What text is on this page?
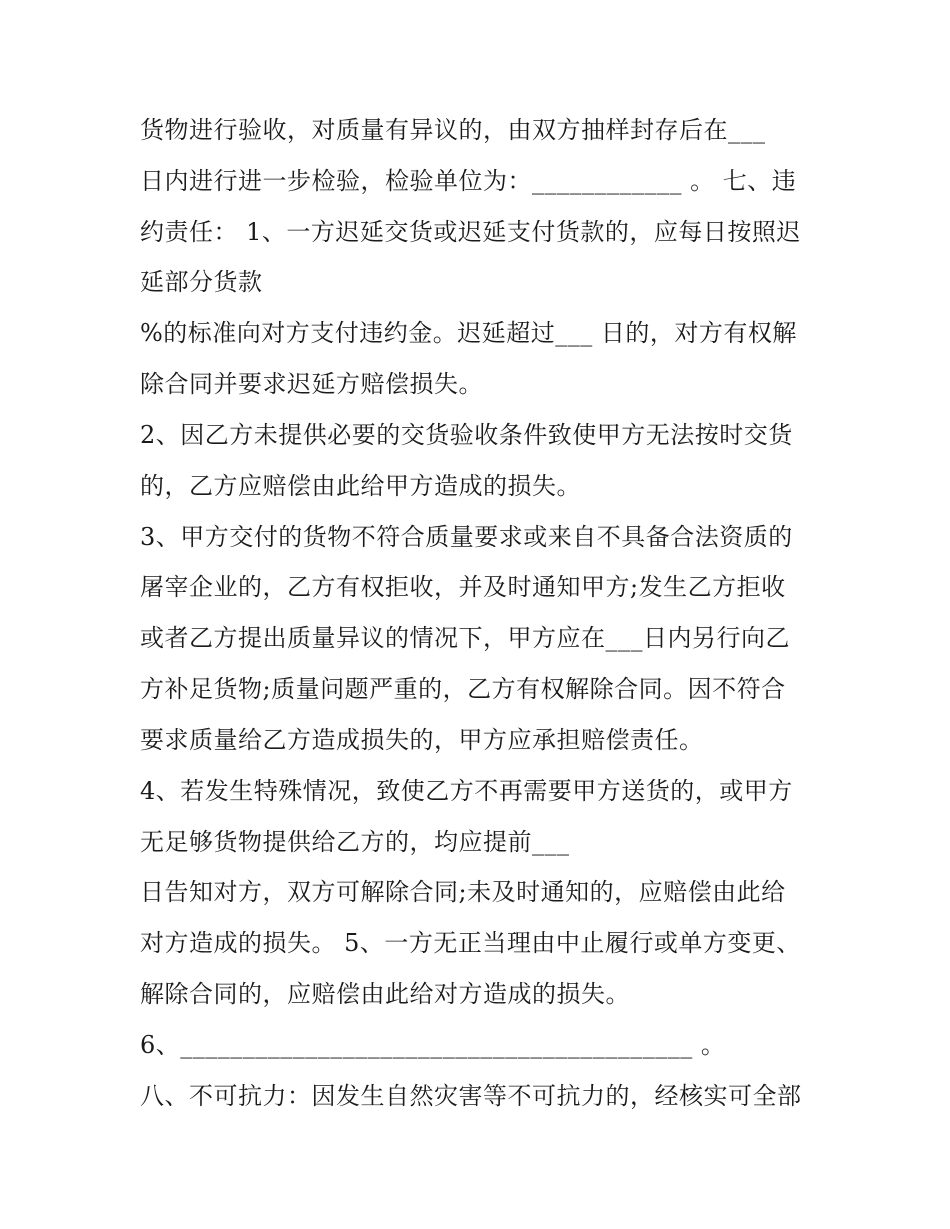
货物进行验收，对质量有异议的，由双方抽样封存后在___

日内进行进一步检验，检验单位为：____________ 。 七、违

约责任： 1、一方迟延交货或迟延支付货款的，应每日按照迟

延部分货款

%的标准向对方支付违约金。迟延超过___ 日的，对方有权解

除合同并要求迟延方赔偿损失。

2、因乙方未提供必要的交货验收条件致使甲方无法按时交货

的，乙方应赔偿由此给甲方造成的损失。

3、甲方交付的货物不符合质量要求或来自不具备合法资质的

屠宰企业的，乙方有权拒收，并及时通知甲方;发生乙方拒收

或者乙方提出质量异议的情况下，甲方应在___日内另行向乙

方补足货物;质量问题严重的，乙方有权解除合同。因不符合

要求质量给乙方造成损失的，甲方应承担赔偿责任。

4、若发生特殊情况，致使乙方不再需要甲方送货的，或甲方

无足够货物提供给乙方的，均应提前___

日告知对方，双方可解除合同;未及时通知的，应赔偿由此给

对方造成的损失。 5、一方无正当理由中止履行或单方变更、

解除合同的，应赔偿由此给对方造成的损失。

6、_________________________________________ 。

八、不可抗力：因发生自然灾害等不可抗力的，经核实可全部
